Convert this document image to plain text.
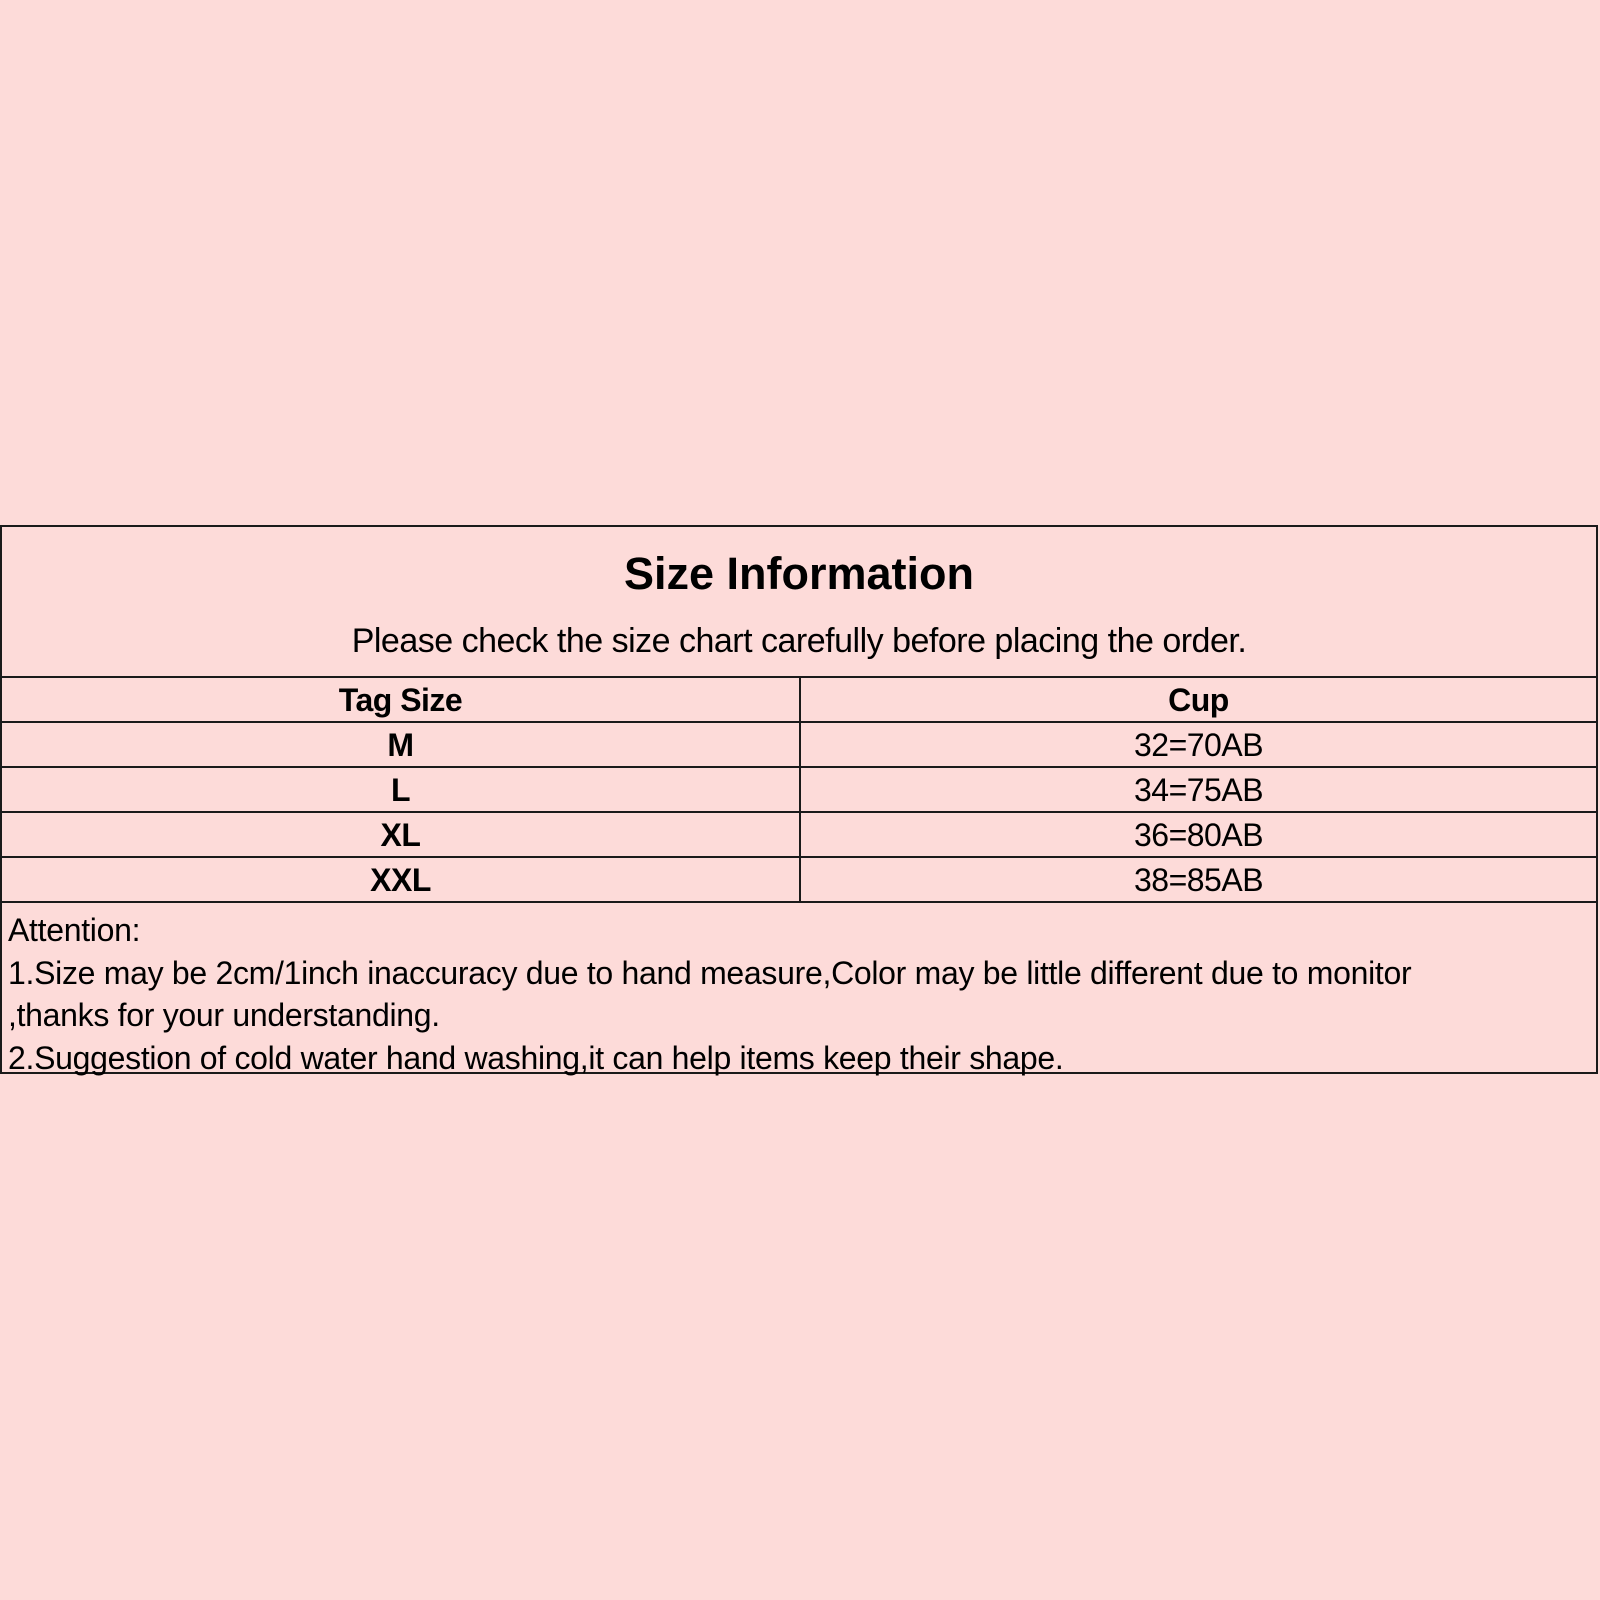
Size Information
Please check the size chart carefully before placing the order.
Tag Size	Cup
M	32=70AB
L	34=75AB
XL	36=80AB
XXL	38=85AB
Attention:
1.Size may be 2cm/1inch inaccuracy due to hand measure,Color may be little different due to monitor
,thanks for your understanding.
2.Suggestion of cold water hand washing,it can help items keep their shape.
